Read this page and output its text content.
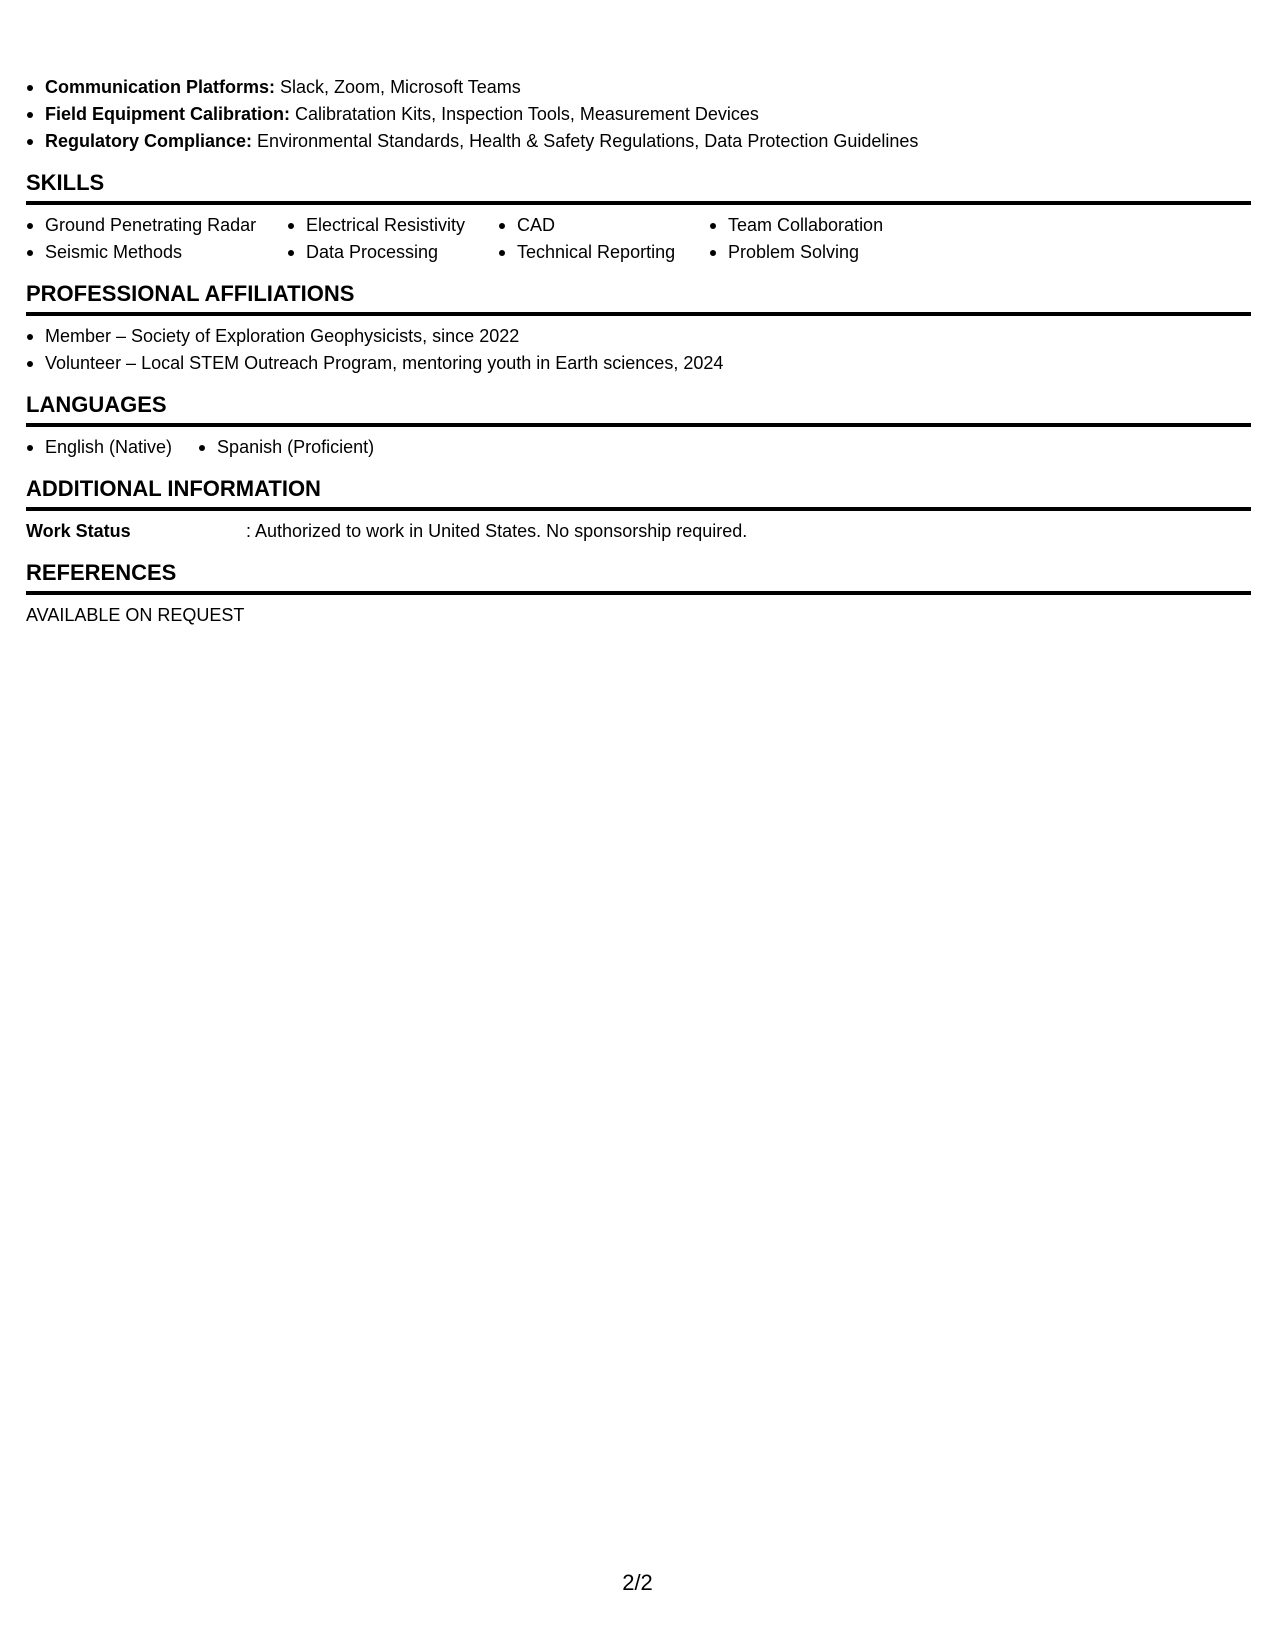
Communication Platforms: Slack, Zoom, Microsoft Teams
Field Equipment Calibration: Calibratation Kits, Inspection Tools, Measurement Devices
Regulatory Compliance: Environmental Standards, Health & Safety Regulations, Data Protection Guidelines
SKILLS
Ground Penetrating Radar	Electrical Resistivity	CAD	Team Collaboration
Seismic Methods	Data Processing	Technical Reporting	Problem Solving
PROFESSIONAL AFFILIATIONS
Member – Society of Exploration Geophysicists, since 2022
Volunteer – Local STEM Outreach Program, mentoring youth in Earth sciences, 2024
LANGUAGES
English (Native)	Spanish (Proficient)
ADDITIONAL INFORMATION
Work Status	: Authorized to work in United States. No sponsorship required.
REFERENCES
AVAILABLE ON REQUEST
2/2
